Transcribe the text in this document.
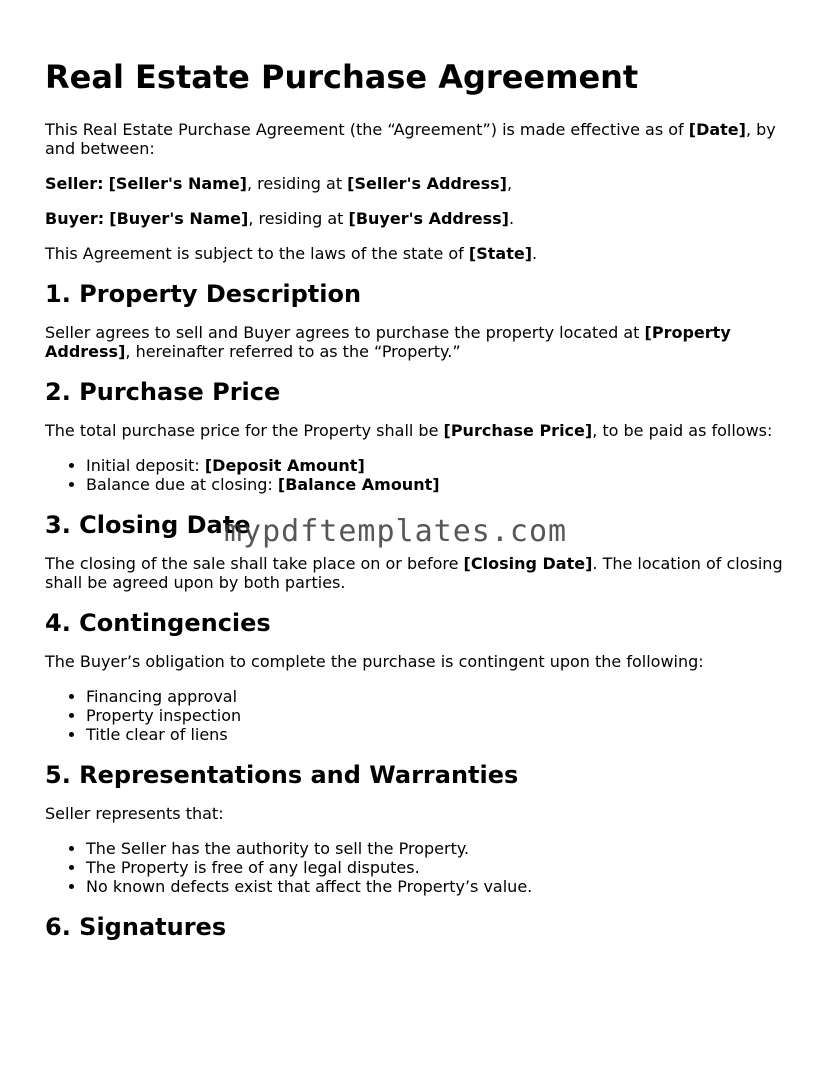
Real Estate Purchase Agreement

This Real Estate Purchase Agreement (the “Agreement”) is made effective as of [Date], by and between:

Seller: [Seller's Name], residing at [Seller's Address],

Buyer: [Buyer's Name], residing at [Buyer's Address].

This Agreement is subject to the laws of the state of [State].

1. Property Description

Seller agrees to sell and Buyer agrees to purchase the property located at [Property Address], hereinafter referred to as the “Property.”

2. Purchase Price

The total purchase price for the Property shall be [Purchase Price], to be paid as follows:

• Initial deposit: [Deposit Amount]
• Balance due at closing: [Balance Amount]
3. Closing Date

The closing of the sale shall take place on or before [Closing Date]. The location of closing shall be agreed upon by both parties.

4. Contingencies

The Buyer’s obligation to complete the purchase is contingent upon the following:

• Financing approval
• Property inspection
• Title clear of liens
5. Representations and Warranties

Seller represents that:

• The Seller has the authority to sell the Property.
• The Property is free of any legal disputes.
• No known defects exist that affect the Property’s value.
6. Signatures
mypdftemplates.com
